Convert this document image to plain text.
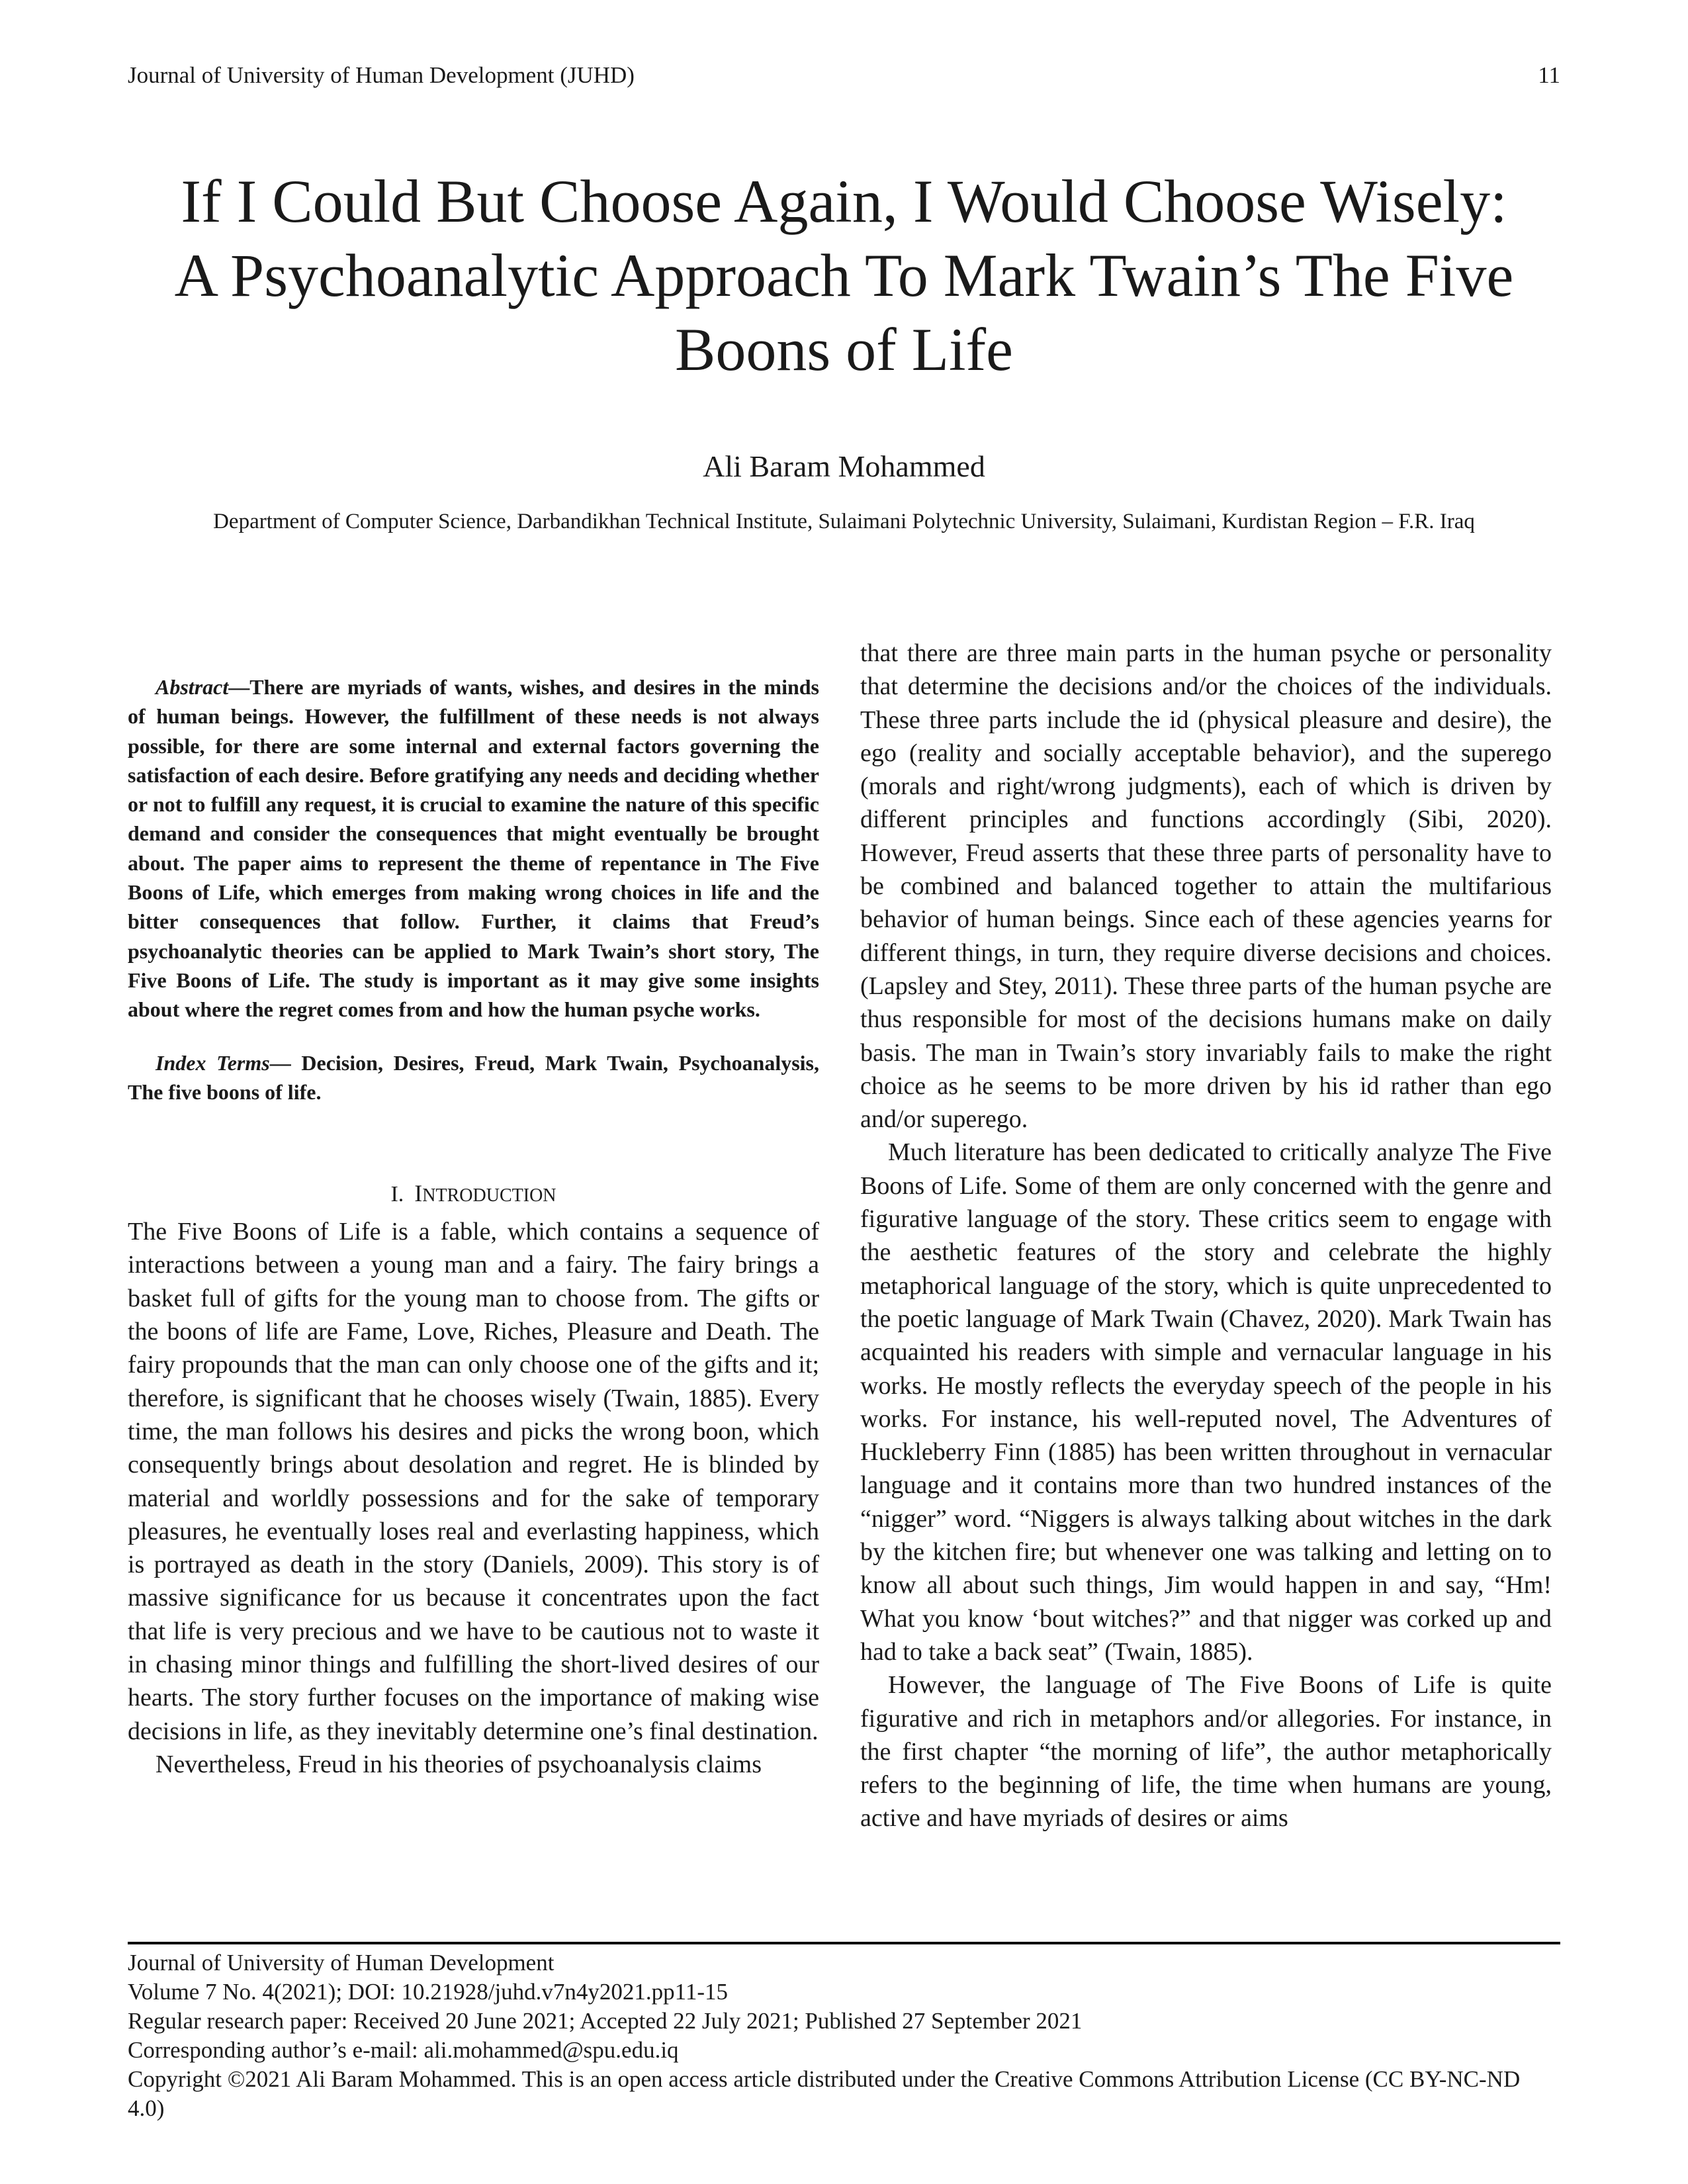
Journal of University of Human Development (JUHD)	11
If I Could But Choose Again, I Would Choose Wisely: A Psychoanalytic Approach To Mark Twain’s The Five Boons of Life
Ali Baram Mohammed
Department of Computer Science, Darbandikhan Technical Institute, Sulaimani Polytechnic University, Sulaimani, Kurdistan Region – F.R. Iraq

Abstract—There are myriads of wants, wishes, and desires in the minds of human beings. However, the fulfillment of these needs is not always possible, for there are some internal and external factors governing the satisfaction of each desire. Before gratifying any needs and deciding whether or not to fulfill any request, it is crucial to examine the nature of this specific demand and consider the consequences that might eventually be brought about. The paper aims to represent the theme of repentance in The Five Boons of Life, which emerges from making wrong choices in life and the bitter consequences that follow. Further, it claims that Freud’s psychoanalytic theories can be applied to Mark Twain’s short story, The Five Boons of Life. The study is important as it may give some insights about where the regret comes from and how the human psyche works.

Index Terms— Decision, Desires, Freud, Mark Twain, Psychoanalysis, The five boons of life.

I. INTRODUCTION

The Five Boons of Life is a fable, which contains a sequence of interactions between a young man and a fairy. The fairy brings a basket full of gifts for the young man to choose from. The gifts or the boons of life are Fame, Love, Riches, Pleasure and Death. The fairy propounds that the man can only choose one of the gifts and it; therefore, is significant that he chooses wisely (Twain, 1885). Every time, the man follows his desires and picks the wrong boon, which consequently brings about desolation and regret. He is blinded by material and worldly possessions and for the sake of temporary pleasures, he eventually loses real and everlasting happiness, which is portrayed as death in the story (Daniels, 2009). This story is of massive significance for us because it concentrates upon the fact that life is very precious and we have to be cautious not to waste it in chasing minor things and fulfilling the short-lived desires of our hearts. The story further focuses on the importance of making wise decisions in life, as they inevitably determine one’s final destination.

Nevertheless, Freud in his theories of psychoanalysis claims

that there are three main parts in the human psyche or personality that determine the decisions and/or the choices of the individuals. These three parts include the id (physical pleasure and desire), the ego (reality and socially acceptable behavior), and the superego (morals and right/wrong judgments), each of which is driven by different principles and functions accordingly (Sibi, 2020). However, Freud asserts that these three parts of personality have to be combined and balanced together to attain the multifarious behavior of human beings. Since each of these agencies yearns for different things, in turn, they require diverse decisions and choices. (Lapsley and Stey, 2011). These three parts of the human psyche are thus responsible for most of the decisions humans make on daily basis. The man in Twain’s story invariably fails to make the right choice as he seems to be more driven by his id rather than ego and/or superego.

Much literature has been dedicated to critically analyze The Five Boons of Life. Some of them are only concerned with the genre and figurative language of the story. These critics seem to engage with the aesthetic features of the story and celebrate the highly metaphorical language of the story, which is quite unprecedented to the poetic language of Mark Twain (Chavez, 2020). Mark Twain has acquainted his readers with simple and vernacular language in his works. He mostly reflects the everyday speech of the people in his works. For instance, his well-reputed novel, The Adventures of Huckleberry Finn (1885) has been written throughout in vernacular language and it contains more than two hundred instances of the “nigger” word. “Niggers is always talking about witches in the dark by the kitchen fire; but whenever one was talking and letting on to know all about such things, Jim would happen in and say, “Hm! What you know ‘bout witches?” and that nigger was corked up and had to take a back seat” (Twain, 1885).

However, the language of The Five Boons of Life is quite figurative and rich in metaphors and/or allegories. For instance, in the first chapter “the morning of life”, the author metaphorically refers to the beginning of life, the time when humans are young, active and have myriads of desires or aims

Journal of University of Human Development
Volume 7 No. 4(2021); DOI: 10.21928/juhd.v7n4y2021.pp11-15
Regular research paper: Received 20 June 2021; Accepted 22 July 2021; Published 27 September 2021
Corresponding author’s e-mail: ali.mohammed@spu.edu.iq
Copyright ©2021 Ali Baram Mohammed. This is an open access article distributed under the Creative Commons Attribution License (CC BY-NC-ND 4.0)
